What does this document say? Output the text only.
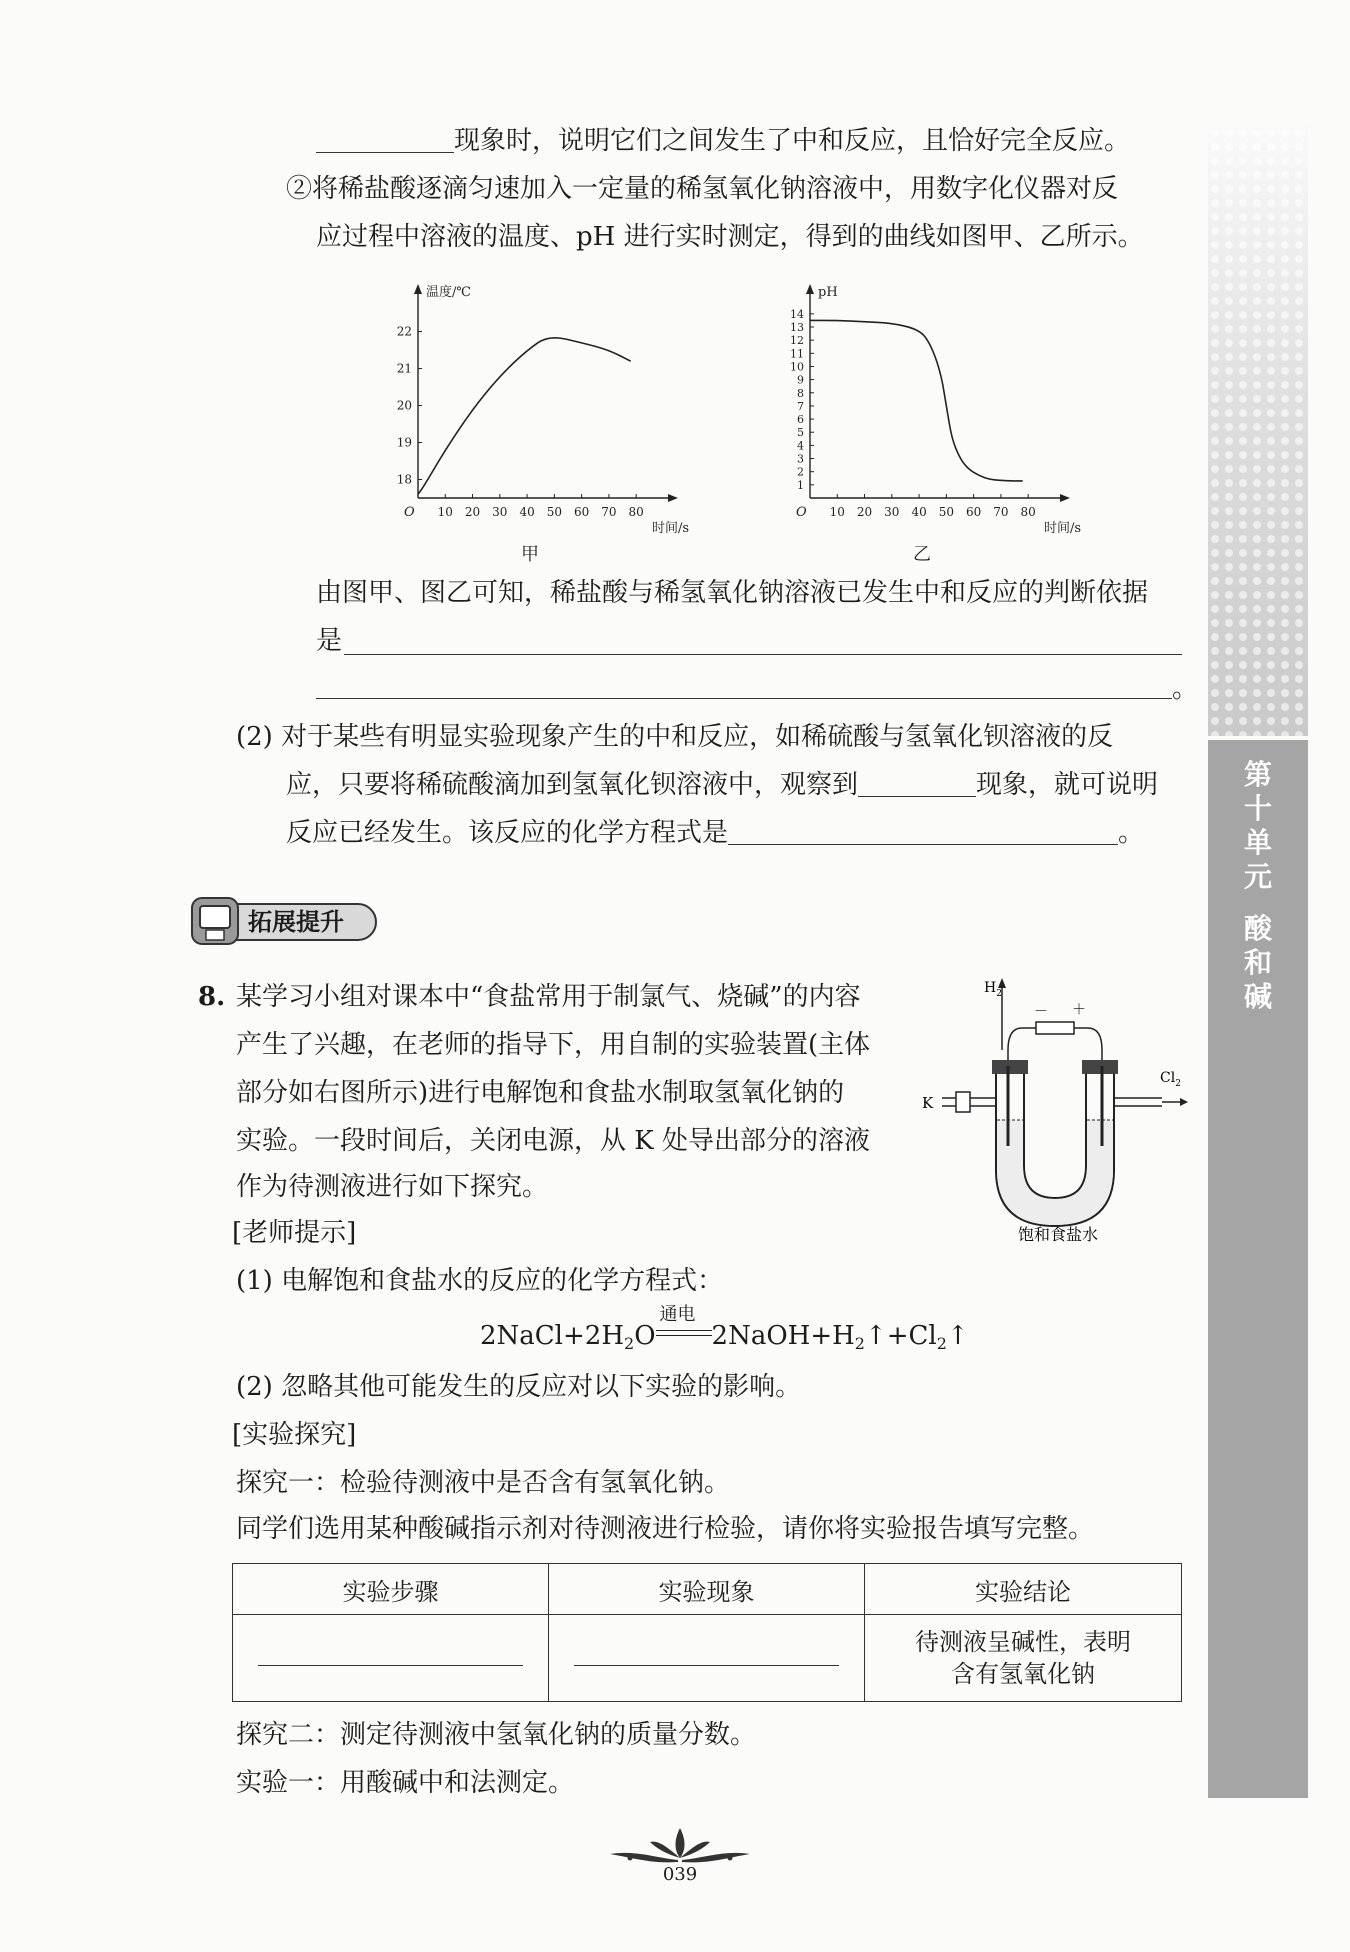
第
十
单
元
酸
和
碱
现象时，说明它们之间发生了中和反应，且恰好完全反应。
②将稀盐酸逐滴匀速加入一定量的稀氢氧化钠溶液中，用数字化仪器对反
应过程中溶液的温度、pH 进行实时测定，得到的曲线如图甲、乙所示。
温度/℃
时间/s
O 10 20 30 40 50 60 70 80
18
19
20
21
22
甲
pH
时间/s
O 10 20 30 40 50 60 70 80
1
2
3
4
5
6
7
8
9
10
11
12
13
14
乙
由图甲、图乙可知，稀盐酸与稀氢氧化钠溶液已发生中和反应的判断依据
是
。
(2) 对于某些有明显实验现象产生的中和反应，如稀硫酸与氢氧化钡溶液的反
应，只要将稀硫酸滴加到氢氧化钡溶液中，观察到	现象，就可说明
反应已经发生。该反应的化学方程式是	。
拓展提升
8. 某学习小组对课本中“食盐常用于制氯气、烧碱”的内容
产生了兴趣，在老师的指导下，用自制的实验装置(主体
部分如右图所示)进行电解饱和食盐水制取氢氧化钠的
实验。一段时间后，关闭电源，从 K 处导出部分的溶液
作为待测液进行如下探究。
$H_2$
－ ＋
K
$Cl_2$
饱和食盐水
[老师提示]
(1) 电解饱和食盐水的反应的化学方程式：
$2NaCl+2H_2O$
通电
$2NaOH+H_2↑+Cl_2↑$
(2) 忽略其他可能发生的反应对以下实验的影响。
[实验探究]
探究一：检验待测液中是否含有氢氧化钠。
同学们选用某种酸碱指示剂对待测液进行检验，请你将实验报告填写完整。
实验步骤	实验现象	实验结论

		待测液呈碱性，表明
含有氢氧化钠
探究二：测定待测液中氢氧化钠的质量分数。
实验一：用酸碱中和法测定。
039
